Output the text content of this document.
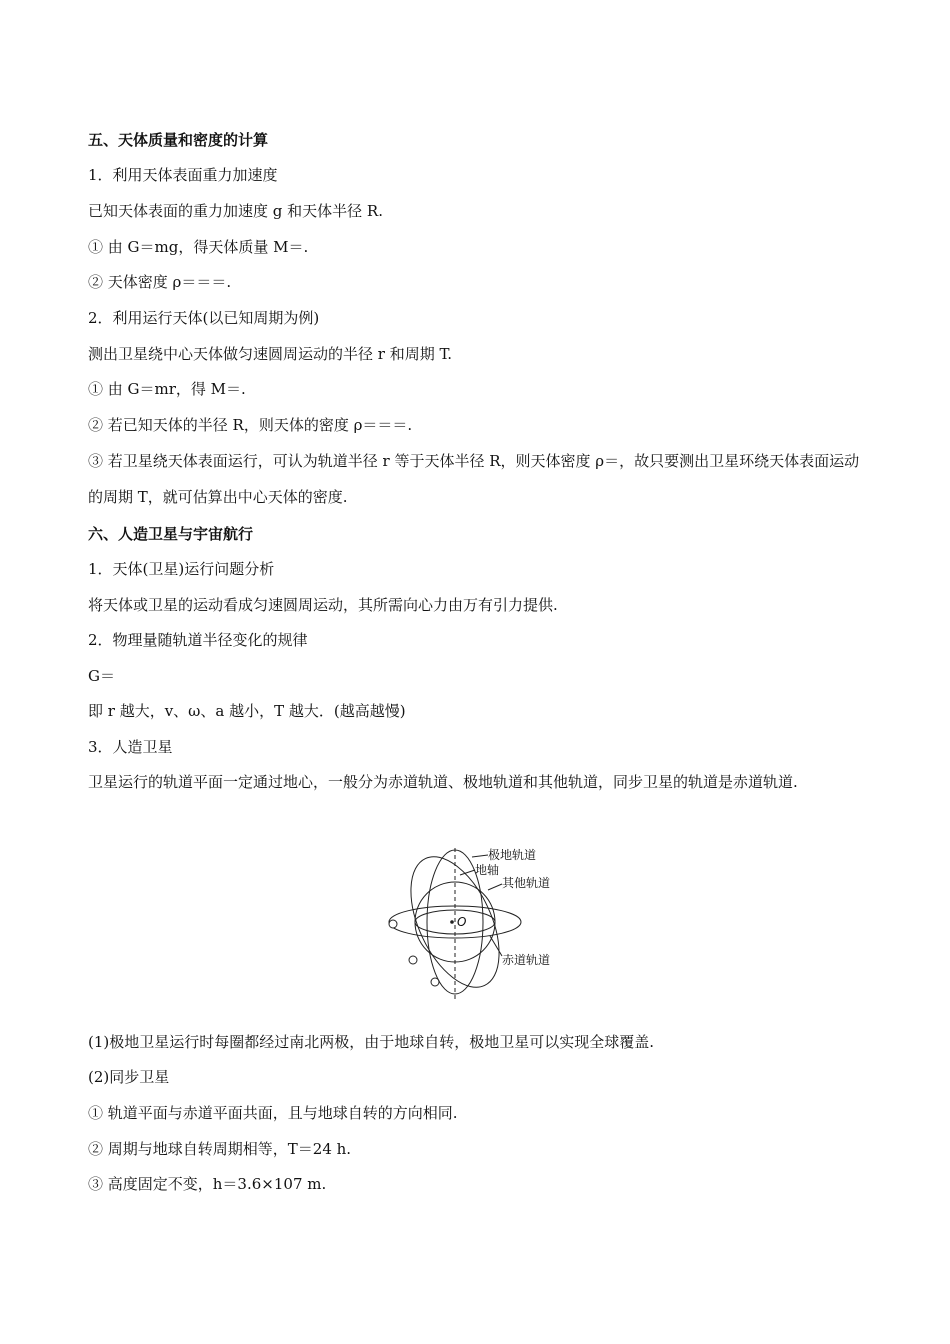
五、天体质量和密度的计算
1．利用天体表面重力加速度
已知天体表面的重力加速度 g 和天体半径 R.
① 由 G＝mg，得天体质量 M＝.
② 天体密度 ρ＝＝＝.
2．利用运行天体(以已知周期为例)
测出卫星绕中心天体做匀速圆周运动的半径 r 和周期 T.
① 由 G＝mr，得 M＝.
② 若已知天体的半径 R，则天体的密度 ρ＝＝＝.
③ 若卫星绕天体表面运行，可认为轨道半径 r 等于天体半径 R，则天体密度 ρ＝，故只要测出卫星环绕天体表面运动的周期 T，就可估算出中心天体的密度.
六、人造卫星与宇宙航行
1．天体(卫星)运行问题分析
将天体或卫星的运动看成匀速圆周运动，其所需向心力由万有引力提供.
2．物理量随轨道半径变化的规律
G＝
即 r 越大，v、ω、a 越小，T 越大．(越高越慢)
3．人造卫星
卫星运行的轨道平面一定通过地心，一般分为赤道轨道、极地轨道和其他轨道，同步卫星的轨道是赤道轨道.
O
极地轨道
地轴
其他轨道
赤道轨道
(1)极地卫星运行时每圈都经过南北两极，由于地球自转，极地卫星可以实现全球覆盖.
(2)同步卫星
① 轨道平面与赤道平面共面，且与地球自转的方向相同.
② 周期与地球自转周期相等，T＝24 h.
③ 高度固定不变，h＝3.6×107 m.
